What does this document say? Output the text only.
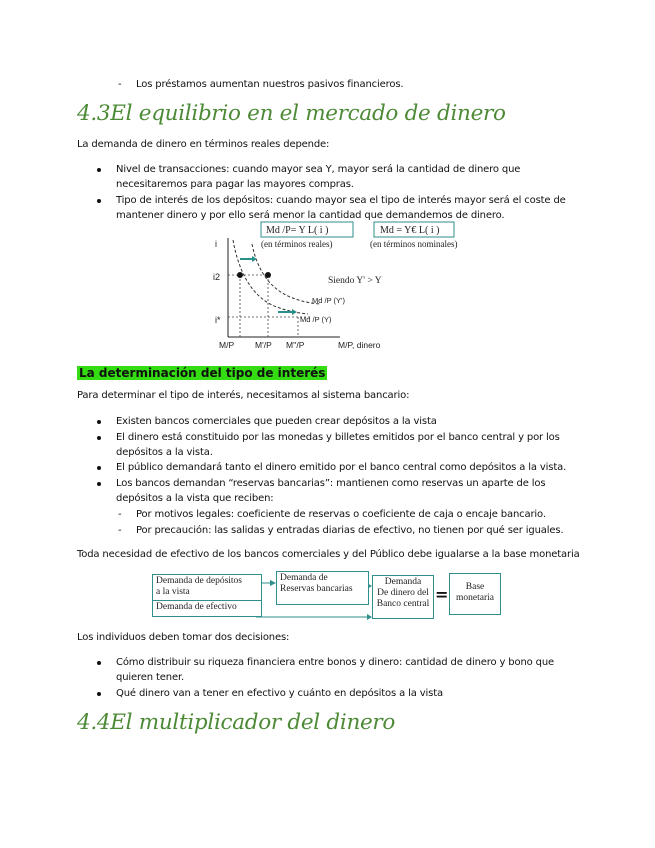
- Los préstamos aumentan nuestros pasivos financieros.
4.3El equilibrio en el mercado de dinero
La demanda de dinero en términos reales depende:
Nivel de transacciones: cuando mayor sea Y, mayor será la cantidad de dinero que
necesitaremos para pagar las mayores compras.
Tipo de interés de los depósitos: cuando mayor sea el tipo de interés mayor será el coste de
mantener dinero y por ello será menor la cantidad que demandemos de dinero.
Md /P= Y L( i )
(en términos reales)
Md = Y€ L( i )
(en términos nominales)
i
i2
i*
Siendo Y' > Y
Md /P (Y')
Md /P (Y)
M/P M'/P M''/P	M/P, dinero
La determinación del tipo de interés
Para determinar el tipo de interés, necesitamos al sistema bancario:
Existen bancos comerciales que pueden crear depósitos a la vista
El dinero está constituido por las monedas y billetes emitidos por el banco central y por los
depósitos a la vista.
El público demandará tanto el dinero emitido por el banco central como depósitos a la vista.
Los bancos demandan “reservas bancarias”: mantienen como reservas un aparte de los
depósitos a la vista que reciben:
- Por motivos legales: coeficiente de reservas o coeficiente de caja o encaje bancario.
- Por precaución: las salidas y entradas diarias de efectivo, no tienen por qué ser iguales.
Toda necesidad de efectivo de los bancos comerciales y del Público debe igualarse a la base monetaria
Demanda de depósitos
a la vista
Demanda de efectivo
Demanda de
Reservas bancarias
Demanda
De dinero del
Banco central =	Base
monetaria
Los individuos deben tomar dos decisiones:
Cómo distribuir su riqueza financiera entre bonos y dinero: cantidad de dinero y bono que
quieren tener.
Qué dinero van a tener en efectivo y cuánto en depósitos a la vista
4.4El multiplicador del dinero
